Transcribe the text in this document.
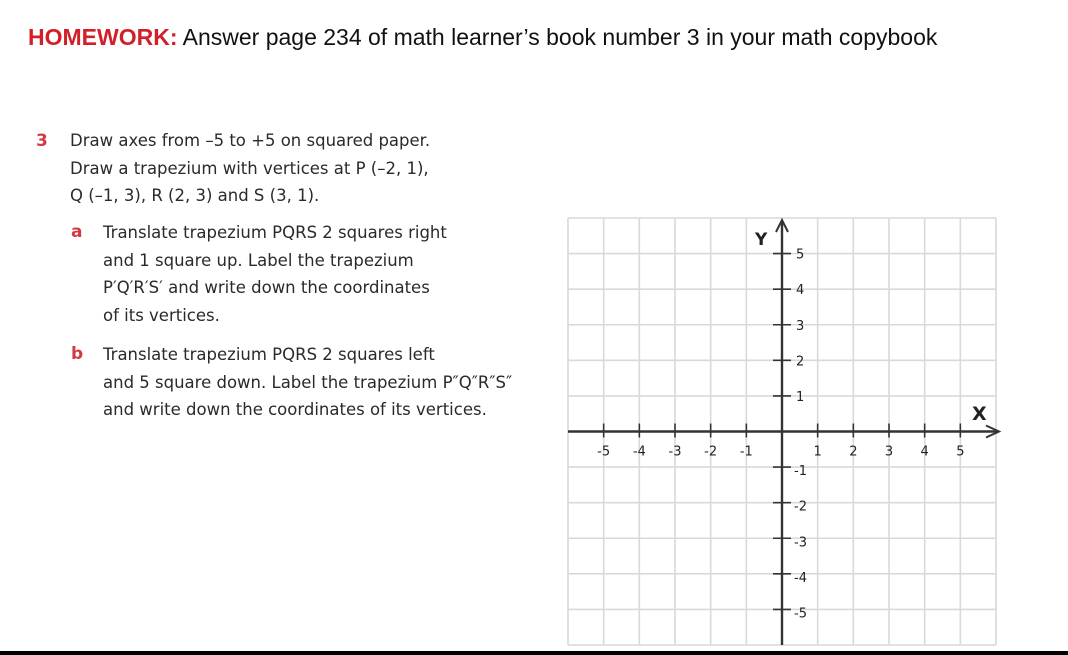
HOMEWORK: Answer page 234 of math learner’s book number 3 in your math copybook
3 Draw axes from –5 to +5 on squared paper.
Draw a trapezium with vertices at P (–2, 1),
Q (–1, 3), R (2, 3) and S (3, 1).
a Translate trapezium PQRS 2 squares right
and 1 square up. Label the trapezium
P′Q′R′S′ and write down the coordinates
of its vertices.
b Translate trapezium PQRS 2 squares left
and 5 square down. Label the trapezium P″Q″R″S″
and write down the coordinates of its vertices.
-5 -4 -3 -2 -1	1 2 3 4 5
5
4
3
2
1
-1
-2
-3
-4
-5
Y
X
